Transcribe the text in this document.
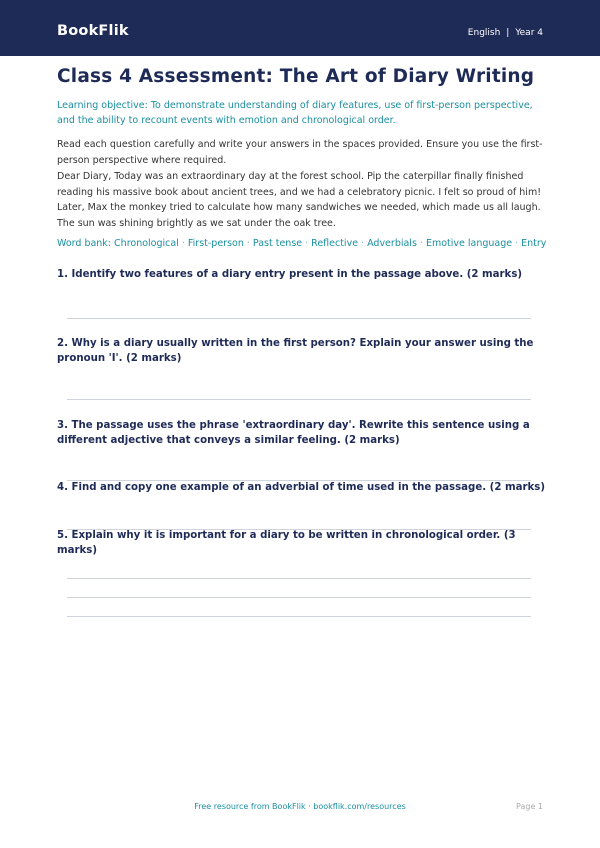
BookFlik	English | Year 4
Class 4 Assessment: The Art of Diary Writing

Learning objective: To demonstrate understanding of diary features, use of first-person perspective, and the ability to recount events with emotion and chronological order.

Read each question carefully and write your answers in the spaces provided. Ensure you use the first-person perspective where required.

Dear Diary, Today was an extraordinary day at the forest school. Pip the caterpillar finally finished reading his massive book about ancient trees, and we had a celebratory picnic. I felt so proud of him! Later, Max the monkey tried to calculate how many sandwiches we needed, which made us all laugh. The sun was shining brightly as we sat under the oak tree.

Word bank: Chronological · First-person · Past tense · Reflective · Adverbials · Emotive language · Entry

1. Identify two features of a diary entry present in the passage above. (2 marks)

2. Why is a diary usually written in the first person? Explain your answer using the pronoun 'I'. (2 marks)

3. The passage uses the phrase 'extraordinary day'. Rewrite this sentence using a different adjective that conveys a similar feeling. (2 marks)

4. Find and copy one example of an adverbial of time used in the passage. (2 marks)

5. Explain why it is important for a diary to be written in chronological order. (3 marks)

Free resource from BookFlik · bookflik.com/resources	Page 1
